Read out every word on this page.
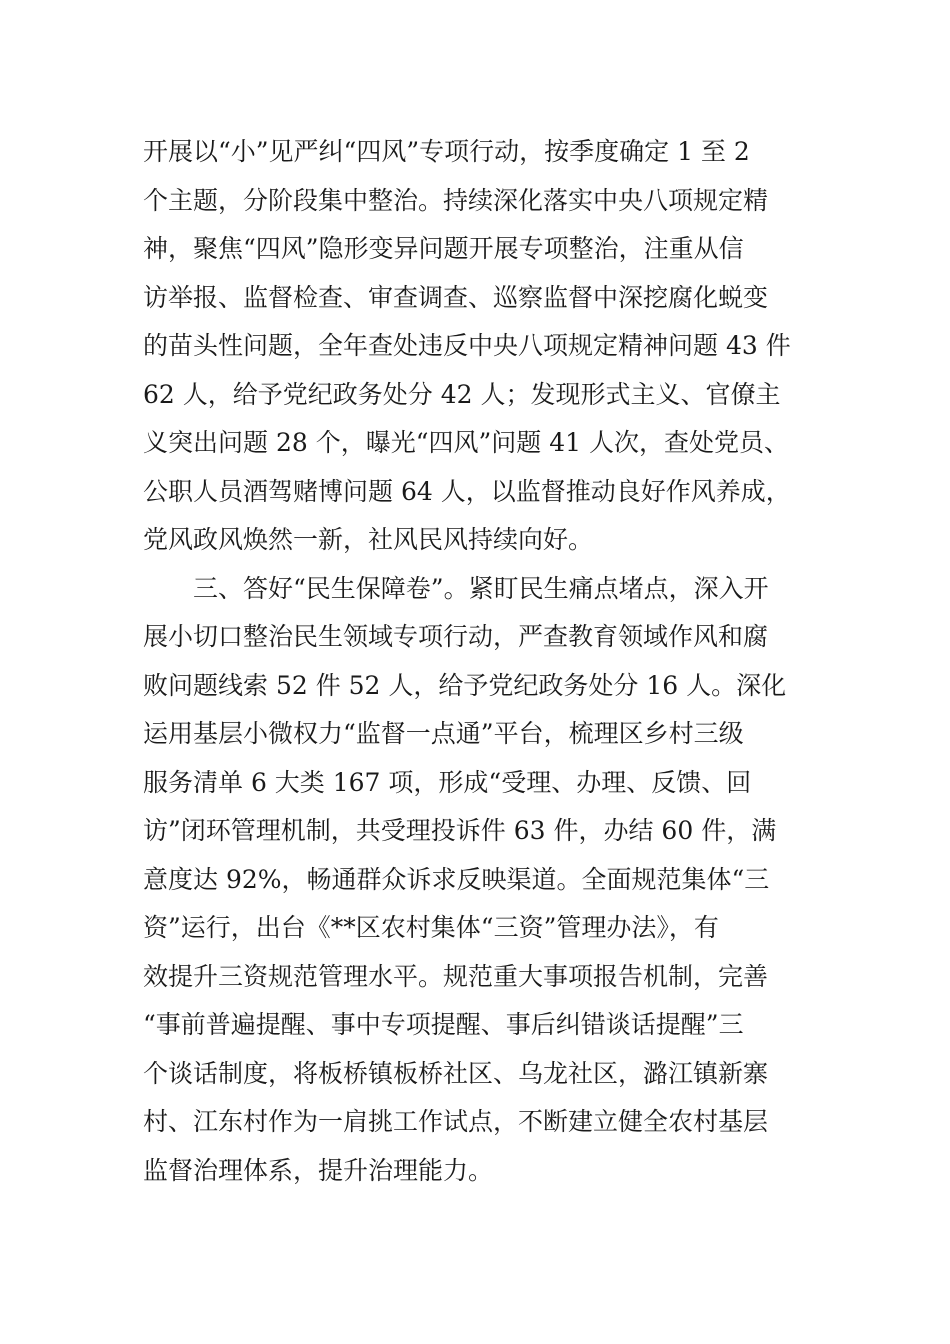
开展以“小”见严纠“四风”专项行动，按季度确定 1 至 2
个主题，分阶段集中整治。持续深化落实中央八项规定精
神，聚焦“四风”隐形变异问题开展专项整治，注重从信
访举报、监督检查、审查调查、巡察监督中深挖腐化蜕变
的苗头性问题，全年查处违反中央八项规定精神问题 43 件
62 人，给予党纪政务处分 42 人；发现形式主义、官僚主
义突出问题 28 个，曝光“四风”问题 41 人次，查处党员、
公职人员酒驾赌博问题 64 人，以监督推动良好作风养成，
党风政风焕然一新，社风民风持续向好。
　　三、答好“民生保障卷”。紧盯民生痛点堵点，深入开
展小切口整治民生领域专项行动，严查教育领域作风和腐
败问题线索 52 件 52 人，给予党纪政务处分 16 人。深化
运用基层小微权力“监督一点通”平台，梳理区乡村三级
服务清单 6 大类 167 项，形成“受理、办理、反馈、回
访”闭环管理机制，共受理投诉件 63 件，办结 60 件，满
意度达 92%，畅通群众诉求反映渠道。全面规范集体“三
资”运行，出台《**区农村集体“三资”管理办法》，有
效提升三资规范管理水平。规范重大事项报告机制，完善
“事前普遍提醒、事中专项提醒、事后纠错谈话提醒”三
个谈话制度，将板桥镇板桥社区、乌龙社区，潞江镇新寨
村、江东村作为一肩挑工作试点，不断建立健全农村基层
监督治理体系，提升治理能力。
